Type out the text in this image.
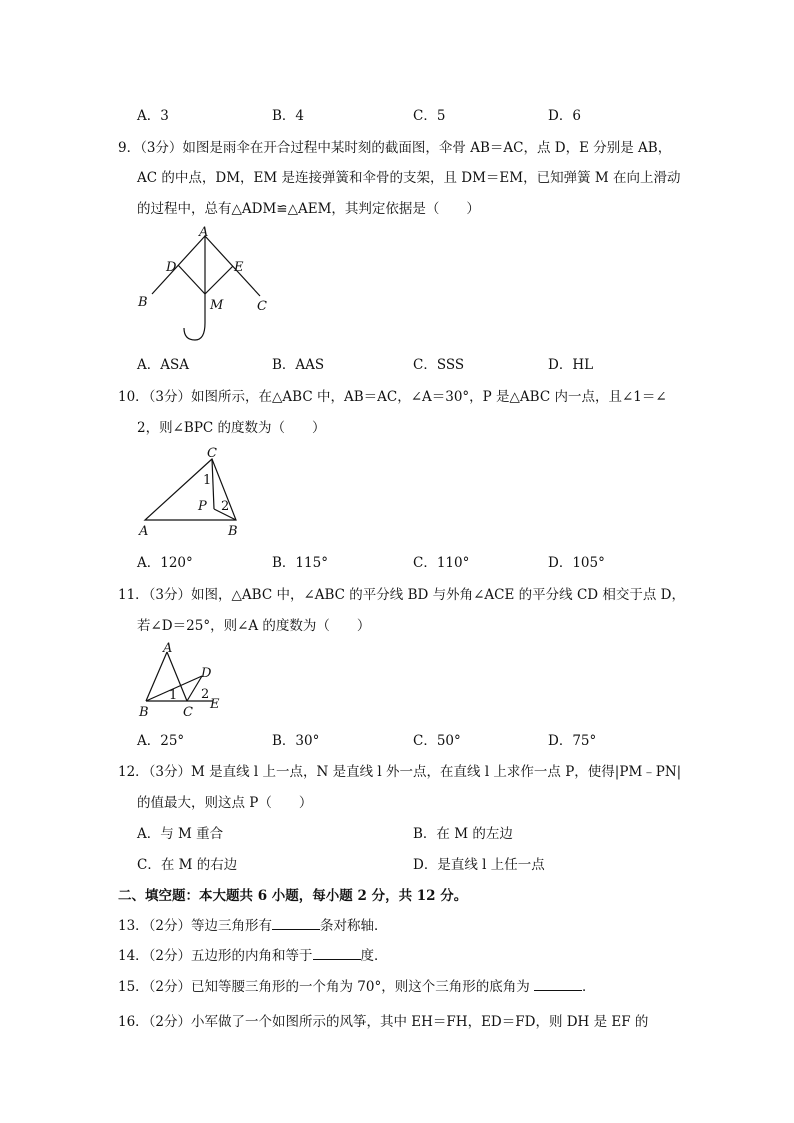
A．3	B．4	C．5	D．6
9．（3分）如图是雨伞在开合过程中某时刻的截面图，伞骨 AB＝AC，点 D，E 分别是 AB，
AC 的中点，DM，EM 是连接弹簧和伞骨的支架，且 DM＝EM，已知弹簧 M 在向上滑动
的过程中，总有△ADM≌△AEM，其判定依据是（　　）
A
D	E
B	M	C
A．ASA	B．AAS	C．SSS	D．HL
10．（3分）如图所示，在△ABC 中，AB＝AC，∠A＝30°，P 是△ABC 内一点，且∠1＝∠
2，则∠BPC 的度数为（　　）
C
1
P 2
A	B
A．120°	B．115°	C．110°	D．105°
11．（3分）如图，△ABC 中，∠ABC 的平分线 BD 与外角∠ACE 的平分线 CD 相交于点 D，
若∠D＝25°，则∠A 的度数为（　　）
A
D
1 2
E
B	C
A．25°	B．30°	C．50°	D．75°
12．（3分）M 是直线 l 上一点，N 是直线 l 外一点，在直线 l 上求作一点 P，使得|PM﹣PN|
的值最大，则这点 P（　　）
A．与 M 重合	B．在 M 的左边
C．在 M 的右边	D．是直线 l 上任一点
二、填空题：本大题共 6 小题，每小题 2 分，共 12 分。
13．（2分）等边三角形有	条对称轴．
14．（2分）五边形的内角和等于	度．
15．（2分）已知等腰三角形的一个角为 70°，则这个三角形的底角为	．
16．（2分）小军做了一个如图所示的风筝，其中 EH＝FH，ED＝FD，则 DH 是 EF 的
